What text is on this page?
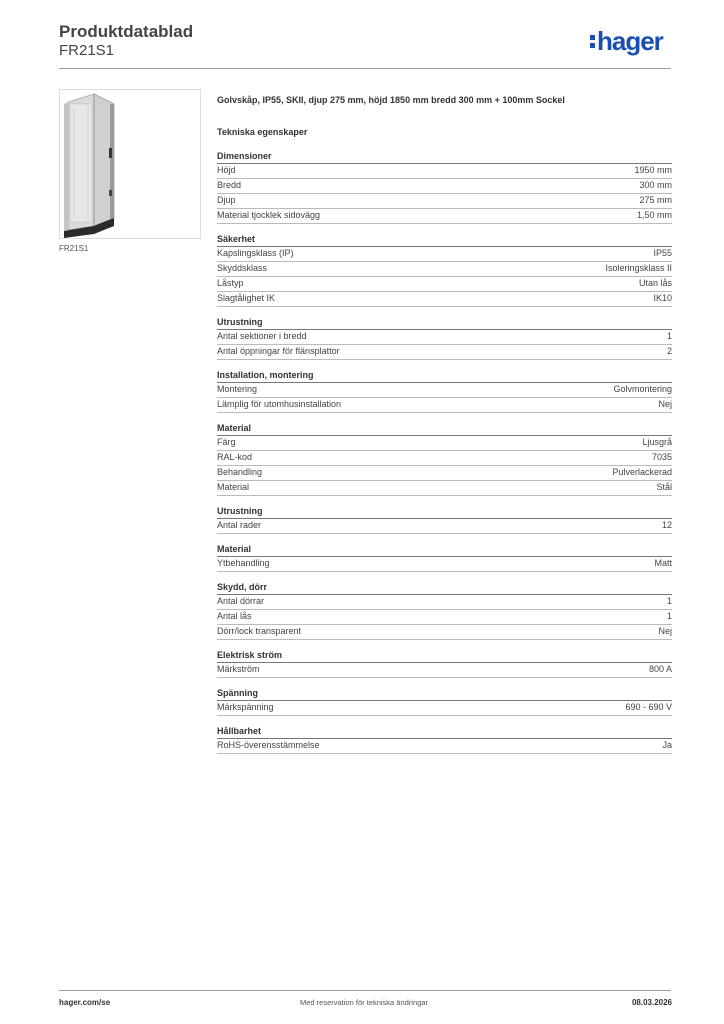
Produktdatablad
FR21S1	hager
FR21S1
Golvskåp, IP55, SKII, djup 275 mm, höjd 1850 mm bredd 300 mm + 100mm Sockel
Tekniska egenskaper
Dimensioner
Höjd	1950 mm
Bredd	300 mm
Djup	275 mm
Material tjocklek sidovägg	1,50 mm
Säkerhet
Kapslingsklass (IP)	IP55
Skyddsklass	Isoleringsklass II
Låstyp	Utan lås
Slagtålighet IK	IK10
Utrustning
Antal sektioner i bredd	1
Antal öppningar för flänsplattor	2
Installation, montering
Montering	Golvmontering
Lämplig för utomhusinstallation	Nej
Material
Färg	Ljusgrå
RAL-kod	7035
Behandling	Pulverlackerad
Material	Stål
Utrustning
Antal rader	12
Material
Ytbehandling	Matt
Skydd, dörr
Antal dörrar	1
Antal lås	1
Dörr/lock transparent	Nej
Elektrisk ström
Märkström	800 A
Spänning
Märkspänning	690 - 690 V
Hållbarhet
RoHS-överensstämmelse	Ja
hager.com/se	Med reservation för tekniska ändringar	08.03.2026
